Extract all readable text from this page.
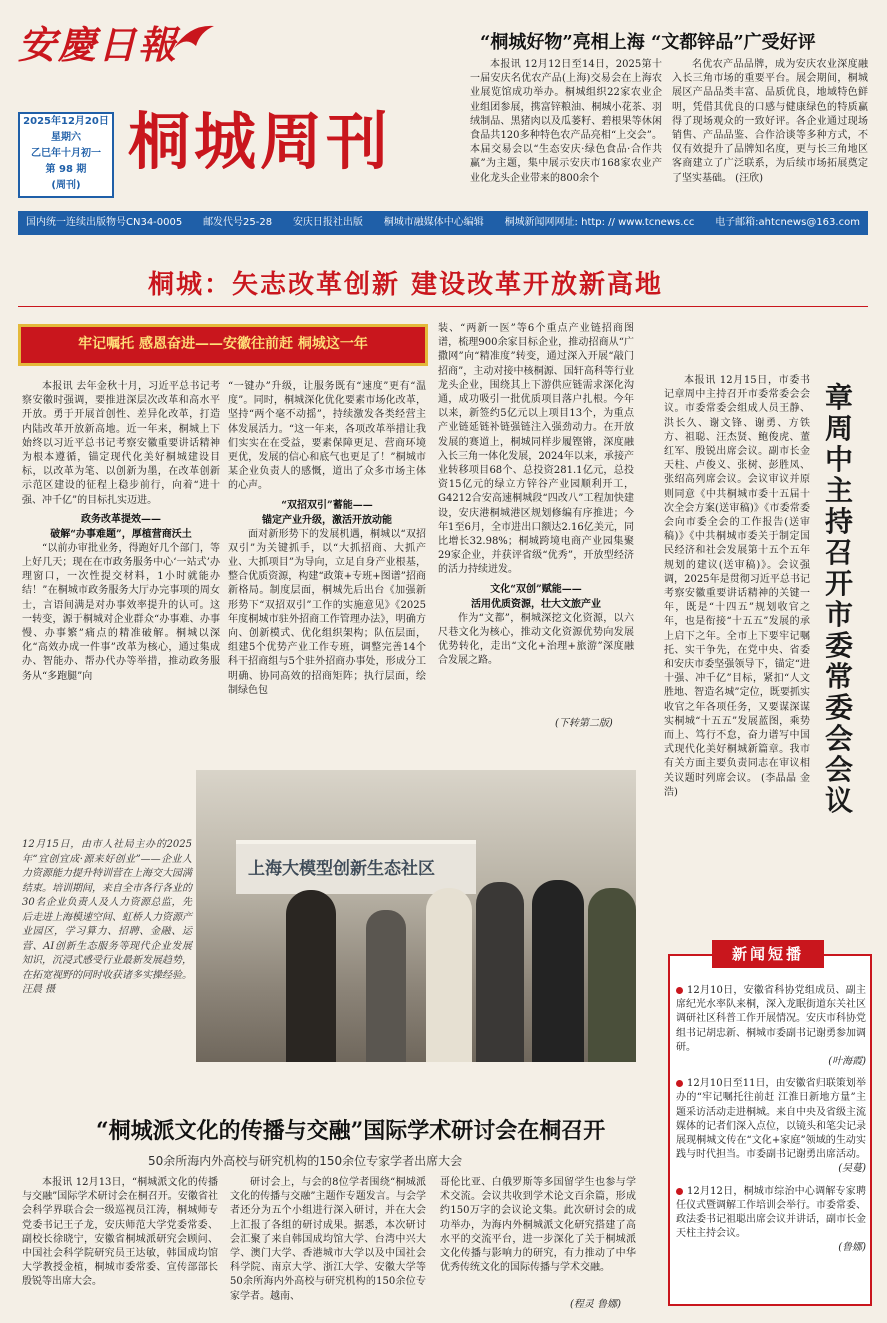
安慶日報
2025年12月20日
星期六
乙巳年十月初一
第 98 期
(周刊)
桐城周刊
“桐城好物”亮相上海 “文都锌品”广受好评

本报讯 12月12日至14日，2025第十一届安庆名优农产品(上海)交易会在上海农业展览馆成功举办。桐城组织22家农业企业组团参展，携富锌粮油、桐城小花茶、羽绒制品、黑猪肉以及瓜蒌籽、碧根果等休闲食品共120多种特色农产品亮相“上交会”。本届交易会以“生态安庆·绿色食品·合作共赢”为主题，集中展示安庆市168家农业产业化龙头企业带来的800余个

名优农产品品牌，成为安庆农业深度融入长三角市场的重要平台。展会期间，桐城展区产品品类丰富、品质优良，地域特色鲜明，凭借其优良的口感与健康绿色的特质赢得了现场观众的一致好评。各企业通过现场销售、产品品鉴、合作洽谈等多种方式，不仅有效提升了品牌知名度，更与长三角地区客商建立了广泛联系，为后续市场拓展奠定了坚实基础。 (汪欣)

国内统一连续出版物号CN34-0005 邮发代号25-28 安庆日报社出版 桐城市融媒体中心编辑 桐城新闻网网址: http: // www.tcnews.cc 电子邮箱:ahtcnews@163.com
桐城：矢志改革创新 建设改革开放新高地
牢记嘱托 感恩奋进——安徽往前赶 桐城这一年

本报讯 去年金秋十月，习近平总书记考察安徽时强调，要推进深层次改革和高水平开放。勇于开展首创性、差异化改革，打造内陆改革开放新高地。近一年来，桐城上下始终以习近平总书记考察安徽重要讲话精神为根本遵循，锚定现代化美好桐城建设目标，以改革为笔、以创新为墨，在改革创新示范区建设的征程上稳步前行，向着“进十强、冲千亿”的目标扎实迈进。

政务改革提效——
破解“办事难题”，厚植营商沃土

“以前办审批业务，得跑好几个部门，等上好几天；现在在市政务服务中心‘一站式’办理窗口，一次性提交材料，1小时就能办结！”在桐城市政务服务大厅办完事项的周女士，言语间满是对办事效率提升的认可。这一转变，源于桐城对企业群众“办事难、办事慢、办事繁”痛点的精准破解。桐城以深化“高效办成一件事”改革为核心，通过集成办、智能办、帮办代办等举措，推动政务服务从“多跑腿”向

“一键办”升级，让服务既有“速度”更有“温度”。同时，桐城深化优化要素市场化改革，坚持“两个毫不动摇”，持续激发各类经营主体发展活力。“这一年来，各项改革举措让我们实实在在受益，要素保障更足、营商环境更优，发展的信心和底气也更足了！”桐城市某企业负责人的感慨，道出了众多市场主体的心声。

“双招双引”蓄能——
锚定产业升级，激活开放动能

面对新形势下的发展机遇，桐城以“双招双引”为关键抓手，以“大抓招商、大抓产业、大抓项目”为导向，立足自身产业根基，整合优质资源，构建“政策+专班+图谱”招商新格局。制度层面，桐城先后出台《加强新形势下“双招双引”工作的实施意见》《2025年度桐城市驻外招商工作管理办法》，明确方向、创新模式、优化组织架构；队伍层面，组建5个优势产业工作专班，调整完善14个科干招商组与5个驻外招商办事处，形成分工明确、协同高效的招商矩阵；执行层面，绘制绿色包

装、“两新一医”等6个重点产业链招商图谱，梳理900余家目标企业，推动招商从“广撒网”向“精准度”转变，通过深入开展“敲门招商”，主动对接中核桐源、国轩高科等行业龙头企业，围绕其上下游供应链需求深化沟通，成功吸引一批优质项目落户扎根。今年以来，新签约5亿元以上项目13个，为重点产业链延链补链强链注入强劲动力。在开放发展的赛道上，桐城同样步履铿锵，深度融入长三角一体化发展，2024年以来，承接产业转移项目68个、总投资281.1亿元，总投资15亿元的绿立方锌谷产业园顺利开工，G4212合安高速桐城段“四改八”工程加快建设，安庆港桐城港区规划修编有序推进；今年1至6月，全市进出口额达2.16亿美元，同比增长32.98%；桐城跨境电商产业园集聚29家企业，并获评省级“优秀”，开放型经济的活力持续迸发。

文化“双创”赋能——
活用优质资源，壮大文旅产业

作为“文都”，桐城深挖文化资源，以六尺巷文化为核心，推动文化资源优势向发展优势转化，走出“文化+治理+旅游”深度融合发展之路。

(下转第二版)
章周中主持召开市委常委会会议

本报讯 12月15日，市委书记章周中主持召开市委常委会会议。市委常委会组成人员王静、洪长久、谢文锋、谢勇、方铁方、祖聪、汪杰贤、鲍俊虎、董红军、殷锐出席会议。副市长金天柱、卢俊义、张树、彭胜凤、张绍高列席会议。会议审议并原则同意《中共桐城市委十五届十次全会方案(送审稿)》《市委常委会向市委全会的工作报告(送审稿)》《中共桐城市委关于制定国民经济和社会发展第十五个五年规划的建议(送审稿)》。会议强调，2025年是贯彻习近平总书记考察安徽重要讲话精神的关键一年，既是“十四五”规划收官之年，也是衔接“十五五”发展的承上启下之年。全市上下要牢记嘱托、实干争先，在党中央、省委和安庆市委坚强领导下，锚定“进十强、冲千亿”目标，紧扣“人文胜地、智造名城”定位，既要抓实收官之年各项任务，又要谋深谋实桐城“十五五”发展蓝图，乘势而上、笃行不怠，奋力谱写中国式现代化美好桐城新篇章。我市有关方面主要负责同志在审议相关议题时列席会议。 (李晶晶 金浩)

上海大模型创新生态社区
12月15日，由市人社局主办的2025年“宜创宜成·源来好创业”——企业人力资源能力提升特训营在上海交大园满结束。培训期间，来自全市各行各业的30名企业负责人及人力资源总监，先后走进上海模速空间、虹桥人力资源产业园区，学习算力、招聘、金融、运营、AI创新生态服务等现代企业发展知识，沉浸式感受行业最新发展趋势，在拓宽视野的同时收获诸多实操经验。 汪晨 摄
新闻短播
12月10日，安徽省科协党组成员、副主席纪光水率队来桐，深入龙眠街道东关社区调研社区科普工作开展情况。安庆市科协党组书记胡忠新、桐城市委副书记谢勇参加调研。
(叶海霞)
12月10日至11日，由安徽省归联策划举办的“牢记嘱托往前赶 江淮日新地方量”主题采访活动走进桐城。来自中央及省级主流媒体的记者们深入点位，以镜头和笔尖记录展现桐城文传在“文化+家庭”领域的生动实践与时代担当。市委副书记谢勇出席活动。
(吴蔓)
12月12日，桐城市综治中心调解专家聘任仪式暨调解工作培训会举行。市委常委、政法委书记祖聪出席会议并讲话，副市长金天柱主持会议。
(鲁娜)
“桐城派文化的传播与交融”国际学术研讨会在桐召开
50余所海内外高校与研究机构的150余位专家学者出席大会

本报讯 12月13日，“桐城派文化的传播与交融”国际学术研讨会在桐召开。安徽省社会科学界联合会一级巡视员江涛，桐城师专党委书记王子龙，安庆师范大学党委常委、副校长徐晓宁，安徽省桐城派研究会顾问、中国社会科学院研究员王达敏，韩国成均馆大学教授金植，桐城市委常委、宣传部部长殷锐等出席大会。

研讨会上，与会的8位学者围绕“桐城派文化的传播与交融”主题作专题发言。与会学者还分为五个小组进行深入研讨，并在大会上汇报了各组的研讨成果。据悉，本次研讨会汇聚了来自韩国成均馆大学、台湾中兴大学、澳门大学、香港城市大学以及中国社会科学院、南京大学、浙江大学、安徽大学等50余所海内外高校与研究机构的150余位专家学者。越南、

哥伦比亚、白俄罗斯等多国留学生也参与学术交流。会议共收到学术论文百余篇，形成约150万字的会议论文集。此次研讨会的成功举办，为海内外桐城派文化研究搭建了高水平的交流平台，进一步深化了关于桐城派文化传播与影响力的研究，有力推动了中华优秀传统文化的国际传播与学术交融。

(程灵 鲁娜)
